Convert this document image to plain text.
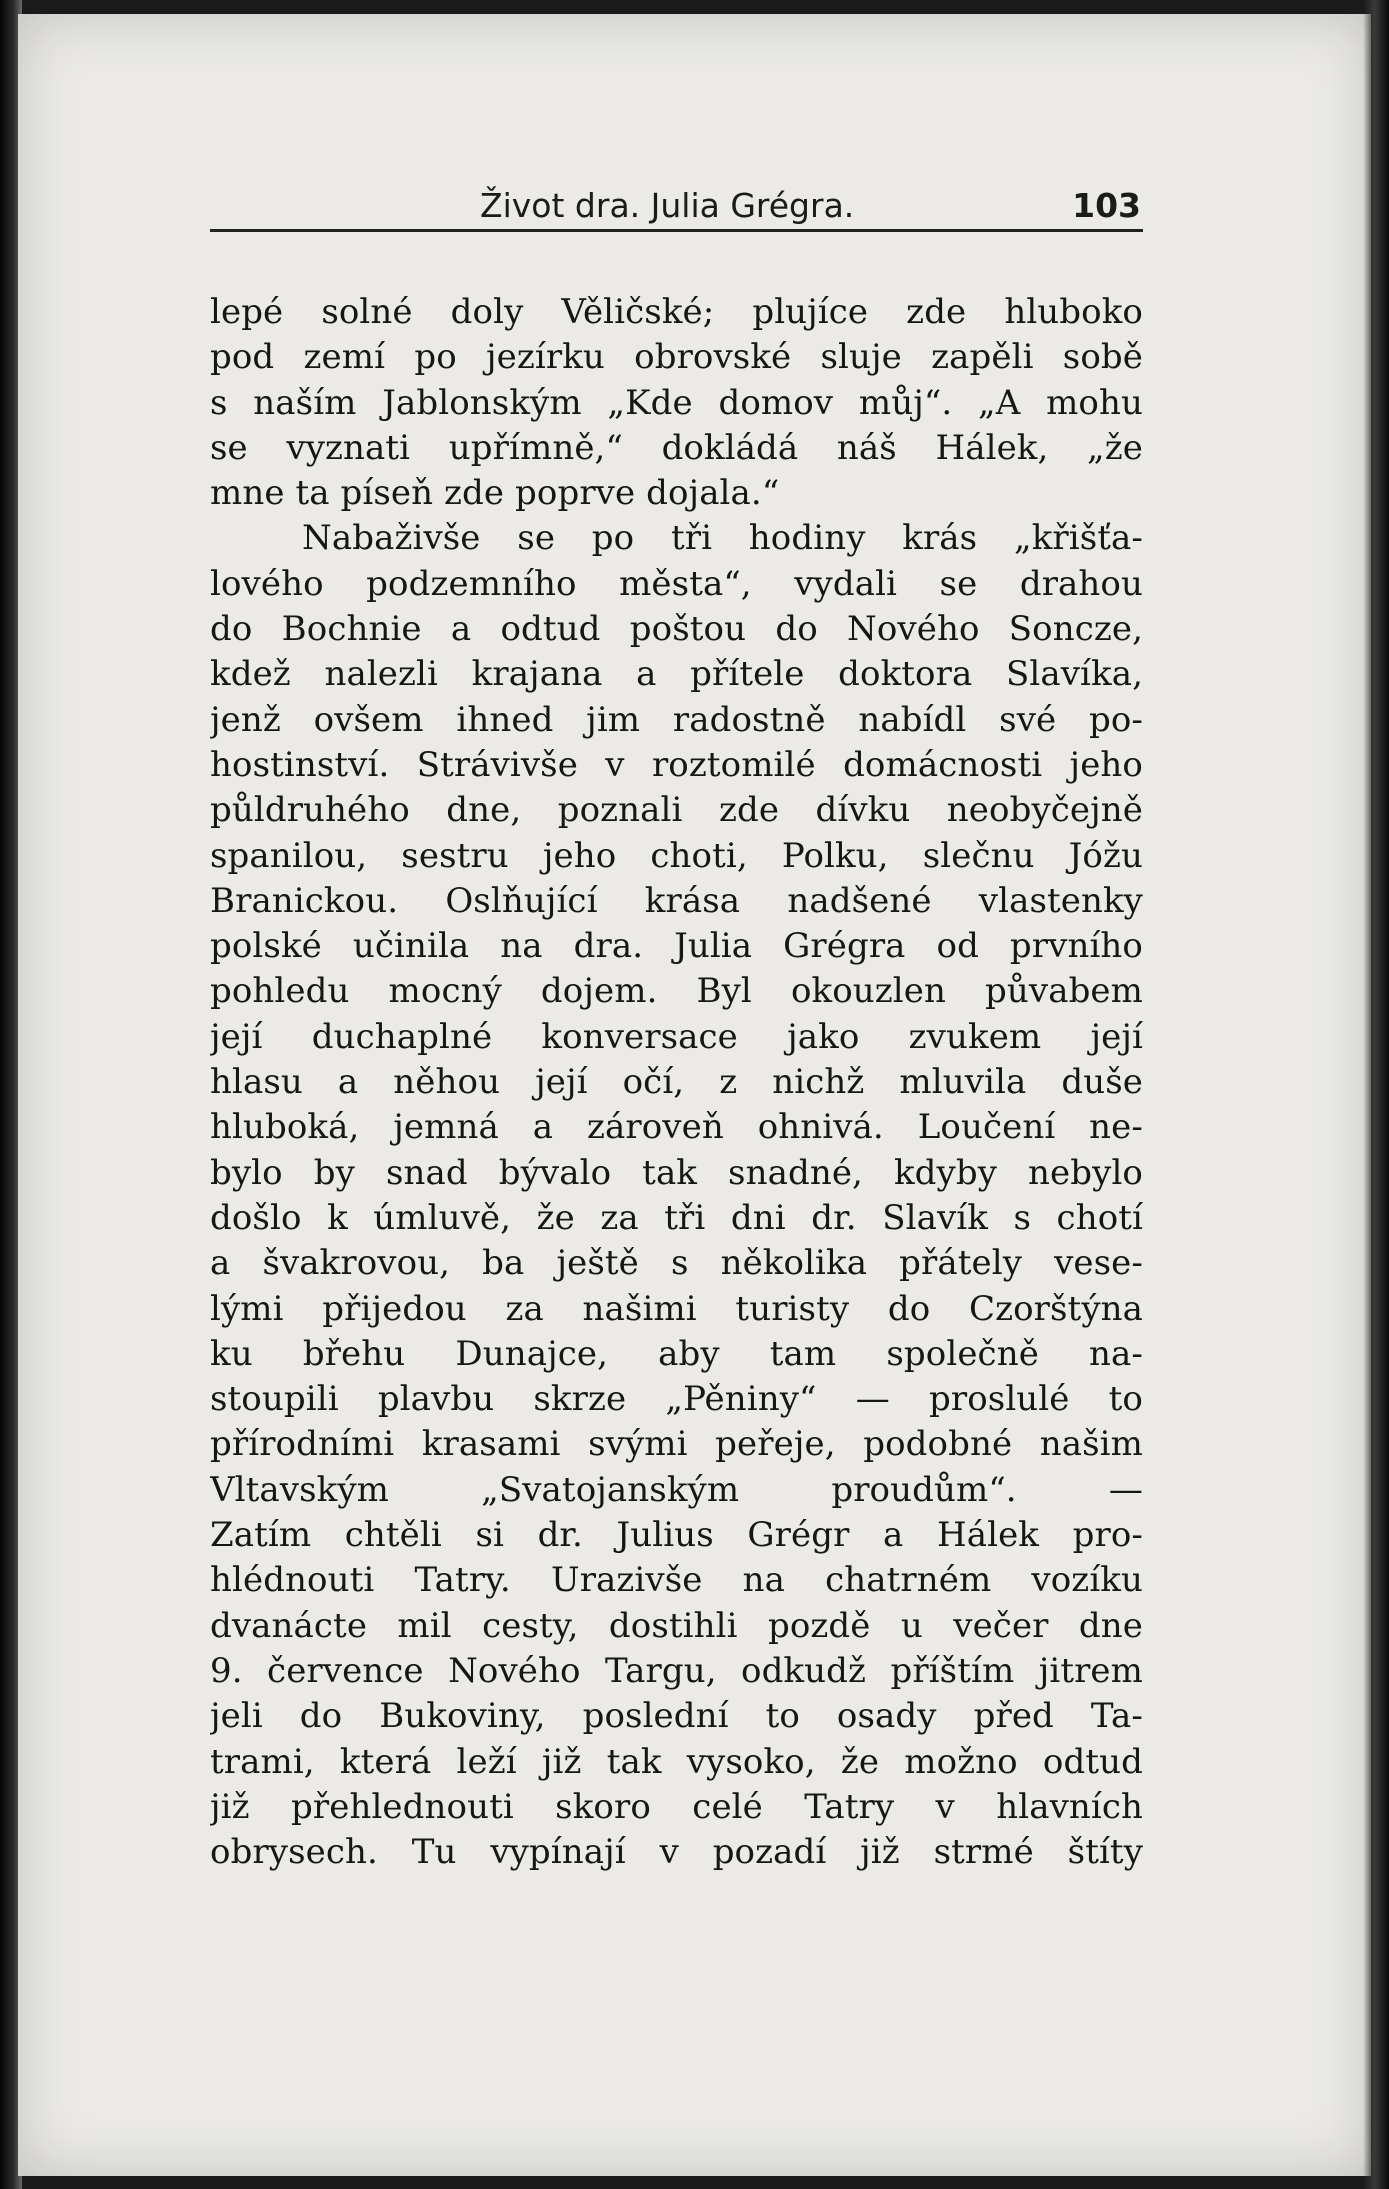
Život dra. Julia Grégra.	103
lepé solné doly Věličské; plujíce zde hluboko
pod zemí po jezírku obrovské sluje zapěli sobě
s naším Jablonským „Kde domov můj“. „A mohu
se vyznati upřímně,“ dokládá náš Hálek, „že
mne ta píseň zde poprve dojala.“
Nabaživše se po tři hodiny krás „křišťa-
lového podzemního města“, vydali se drahou
do Bochnie a odtud poštou do Nového Soncze,
kdež nalezli krajana a přítele doktora Slavíka,
jenž ovšem ihned jim radostně nabídl své po-
hostinství. Strávivše v roztomilé domácnosti jeho
půldruhého dne, poznali zde dívku neobyčejně
spanilou, sestru jeho choti, Polku, slečnu Jóžu
Branickou. Oslňující krása nadšené vlastenky
polské učinila na dra. Julia Grégra od prvního
pohledu mocný dojem. Byl okouzlen půvabem
její duchaplné konversace jako zvukem její
hlasu a něhou její očí, z nichž mluvila duše
hluboká, jemná a zároveň ohnivá. Loučení ne-
bylo by snad bývalo tak snadné, kdyby nebylo
došlo k úmluvě, že za tři dni dr. Slavík s chotí
a švakrovou, ba ještě s několika přátely vese-
lými přijedou za našimi turisty do Czorštýna
ku břehu Dunajce, aby tam společně na-
stoupili plavbu skrze „Pěniny“ — proslulé to
přírodními krasami svými peřeje, podobné našim
Vltavským „Svatojanským proudům“. —
Zatím chtěli si dr. Julius Grégr a Hálek pro-
hlédnouti Tatry. Urazivše na chatrném vozíku
dvanácte mil cesty, dostihli pozdě u večer dne
9. července Nového Targu, odkudž příštím jitrem
jeli do Bukoviny, poslední to osady před Ta-
trami, která leží již tak vysoko, že možno odtud
již přehlednouti skoro celé Tatry v hlavních
obrysech. Tu vypínají v pozadí již strmé štíty
